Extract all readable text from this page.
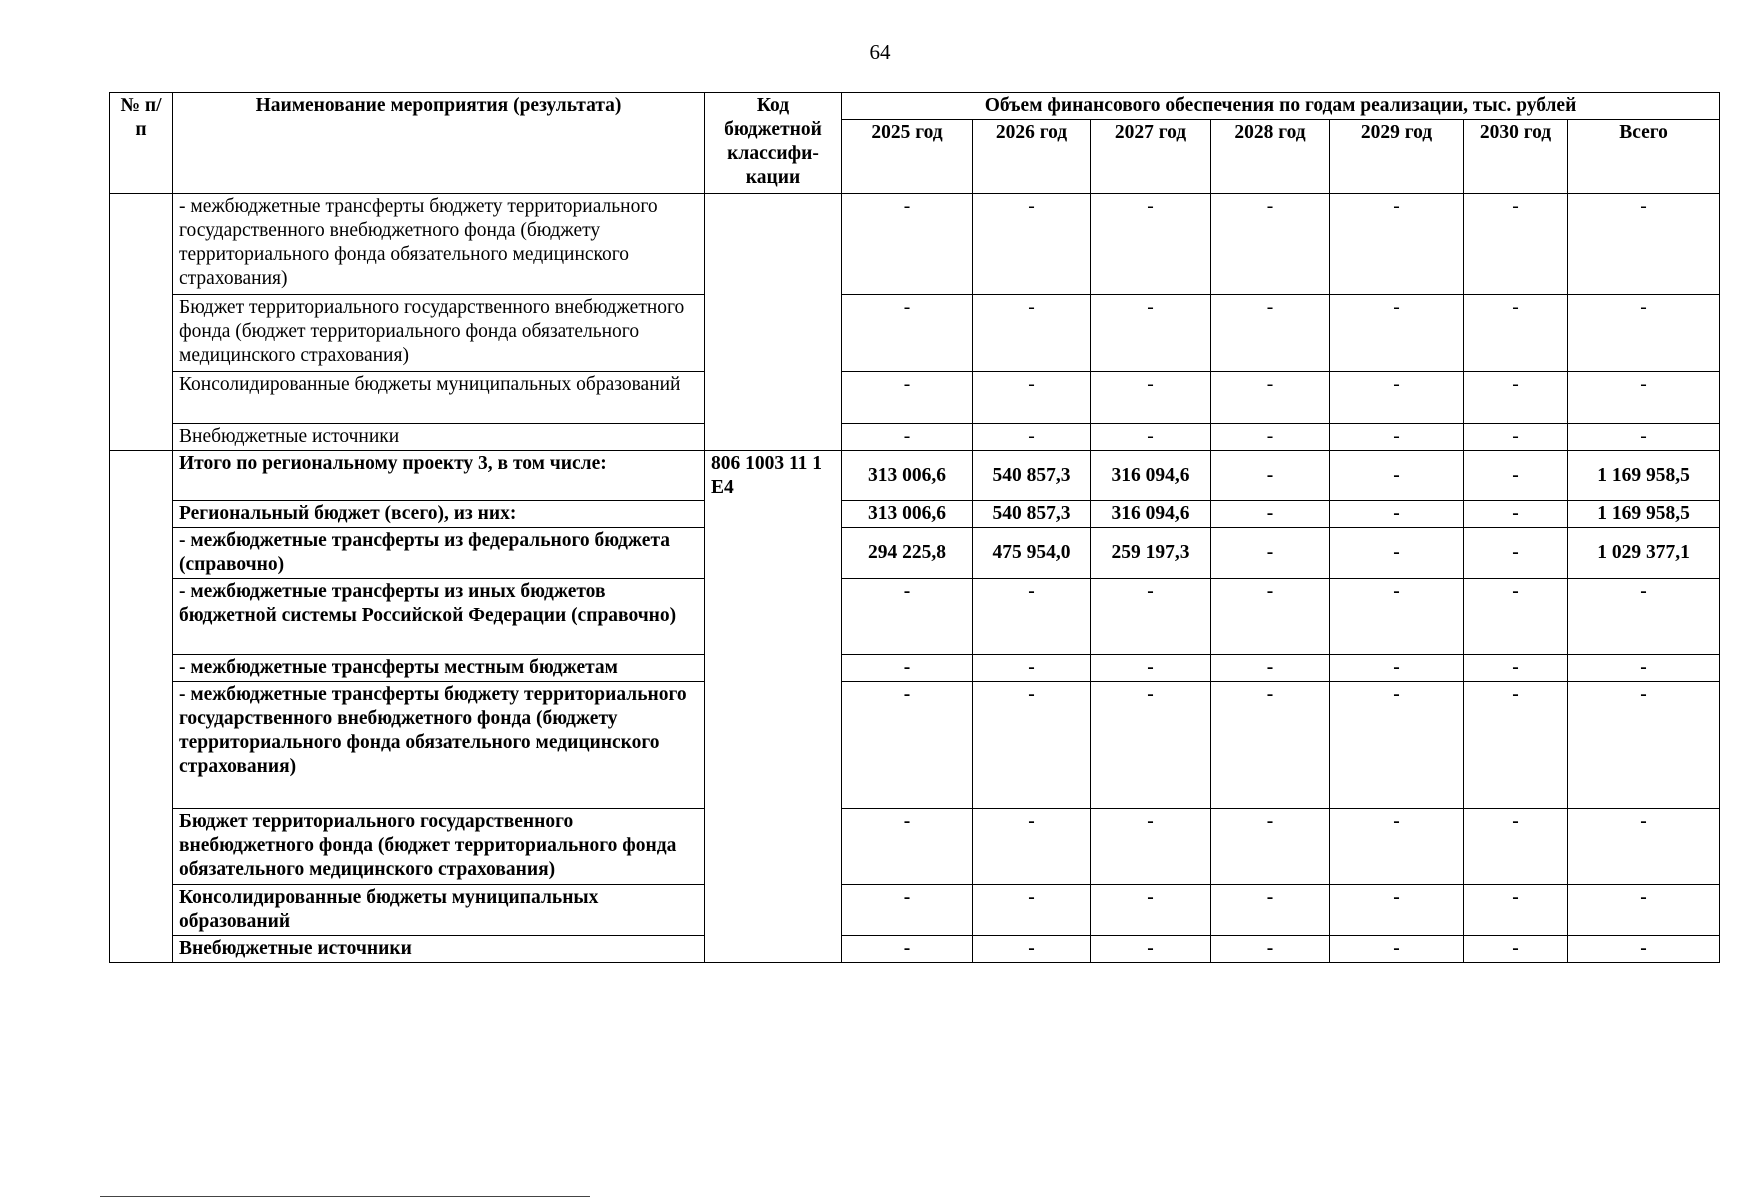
64
№ п/п	Наименование мероприятия (результата)	Код бюджетной классифи-кации	Объем финансового обеспечения по годам реализации, тыс. рублей						
			2025 год	2026 год	2027 год	2028 год	2029 год	2030 год	Всего
	- межбюджетные трансферты бюджету территориального государственного внебюджетного фонда (бюджету территориального фонда обязательного медицинского страхования)		-	-	-	-	-	-	-
	Бюджет территориального государственного внебюджетного фонда (бюджет территориального фонда обязательного медицинского страхования)		-	-	-	-	-	-	-
	Консолидированные бюджеты муниципальных образований		-	-	-	-	-	-	-
	Внебюджетные источники		-	-	-	-	-	-	-
	Итого по региональному проекту 3, в том числе:	806 1003 11 1 E4	313 006,6	540 857,3	316 094,6	-	-	-	1 169 958,5
	Региональный бюджет (всего), из них:		313 006,6	540 857,3	316 094,6	-	-	-	1 169 958,5
	- межбюджетные трансферты из федерального бюджета (справочно)		294 225,8	475 954,0	259 197,3	-	-	-	1 029 377,1
	- межбюджетные трансферты из иных бюджетов бюджетной системы Российской Федерации (справочно)		-	-	-	-	-	-	-
	- межбюджетные трансферты местным бюджетам		-	-	-	-	-	-	-
	- межбюджетные трансферты бюджету территориального государственного внебюджетного фонда (бюджету территориального фонда обязательного медицинского страхования)		-	-	-	-	-	-	-
	Бюджет территориального государственного внебюджетного фонда (бюджет территориального фонда обязательного медицинского страхования)		-	-	-	-	-	-	-
	Консолидированные бюджеты муниципальных образований		-	-	-	-	-	-	-
	Внебюджетные источники		-	-	-	-	-	-	-
